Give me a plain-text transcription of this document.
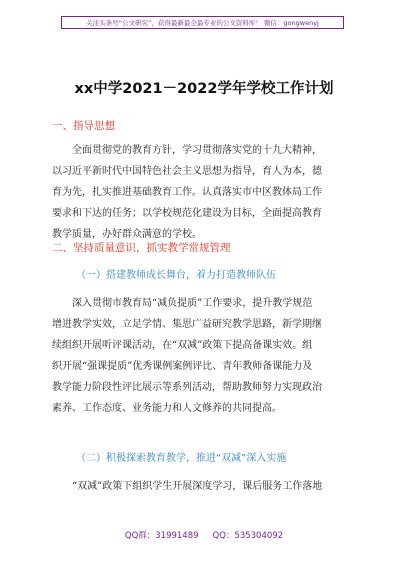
关注头条号“公文研究”，获得最新最全最专业的公文资料库！ 微信：gongwenyj
xx中学2021－2022学年学校工作计划
一、指导思想
全面贯彻党的教育方针，学习贯彻落实党的十九大精神，
以习近平新时代中国特色社会主义思想为指导，育人为本，德
育为先，扎实推进基础教育工作。认真落实市中区教体局工作
要求和下达的任务；以学校规范化建设为目标，全面提高教育
教学质量，办好群众满意的学校。
二、坚持质量意识，抓实教学常规管理
（一）搭建教师成长舞台，着力打造教师队伍
深入贯彻市教育局“减负提质”工作要求，提升教学规范
增进教学实效，立足学情、集思广益研究教学思路，新学期继
续组织开展听评课活动，在“双减”政策下提高备课实效。组
织开展“强课提质”优秀课例案例评比、青年教师备课能力及
教学能力阶段性评比展示等系列活动，帮助教师努力实现政治
素养、工作态度、业务能力和人文修养的共同提高。
（二）积极探索教育教学，推进“双减”深入实施
“双减”政策下组织学生开展深度学习，课后服务工作落地
QQ群：31991489 QQ：535304092
